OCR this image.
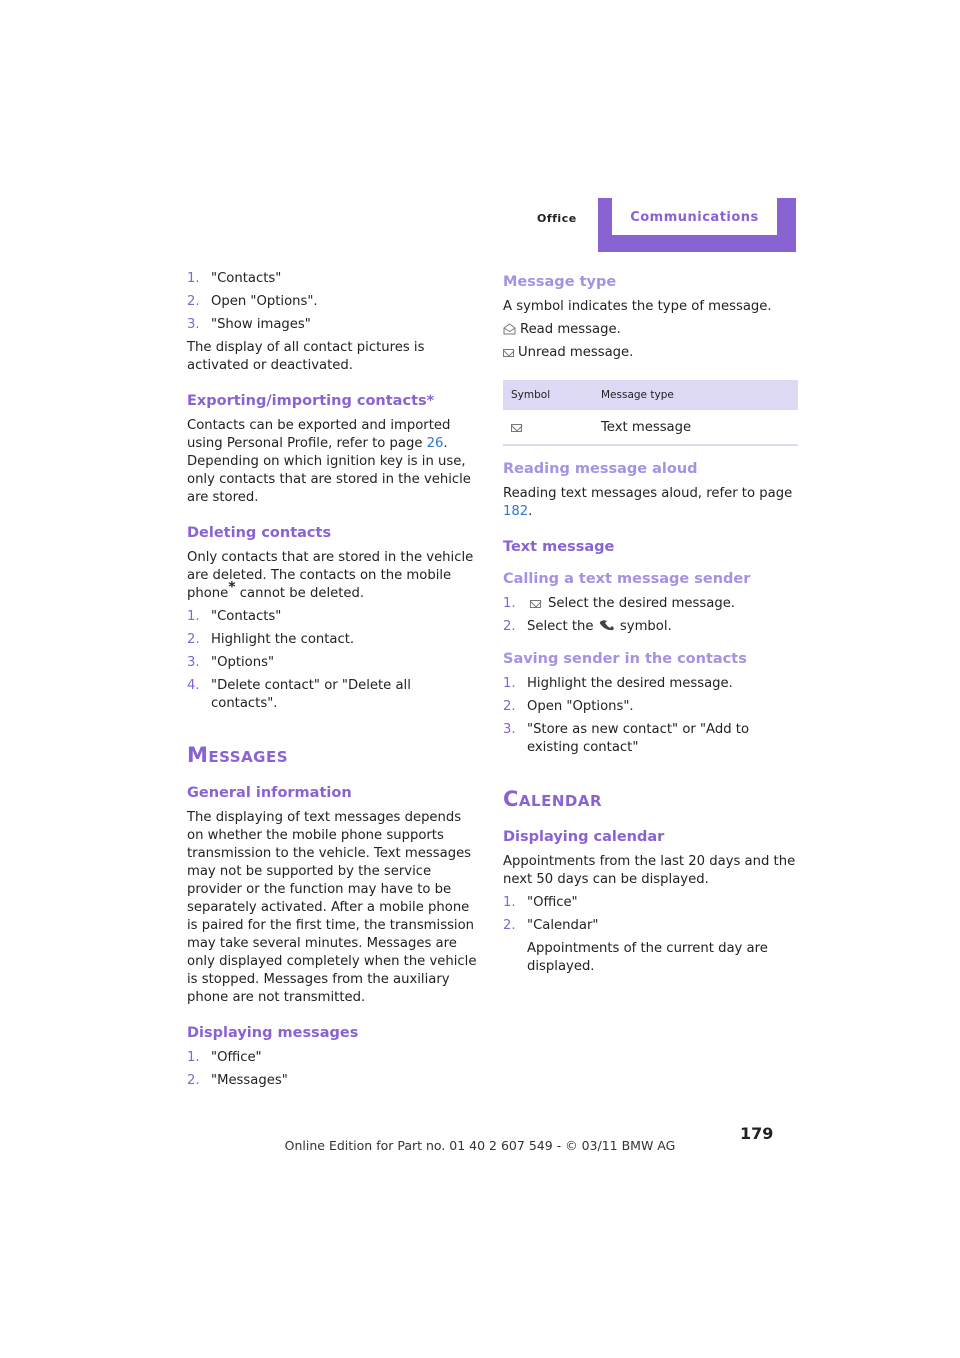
Office	Communications
1. "Contacts"
2. Open "Options".
3. "Show images"

The display of all contact pictures is activated or deactivated.

Exporting/importing contacts*

Contacts can be exported and imported using Personal Profile, refer to page 26. Depending on which ignition key is in use, only contacts that are stored in the vehicle are stored.

Deleting contacts

Only contacts that are stored in the vehicle are deleted. The contacts on the mobile phone* cannot be deleted.

1. "Contacts"
2. Highlight the contact.
3. "Options"
4. "Delete contact" or "Delete all contacts".
Messages
General information

The displaying of text messages depends on whether the mobile phone supports transmission to the vehicle. Text messages may not be supported by the service provider or the function may have to be separately activated. After a mobile phone is paired for the first time, the transmission may take several minutes. Messages are only displayed completely when the vehicle is stopped. Messages from the auxiliary phone are not transmitted.

Displaying messages
1. "Office"
2. "Messages"
Message type

A symbol indicates the type of message.

Read message.

Unread message.

Symbol	Message type
Text message
Reading message aloud

Reading text messages aloud, refer to page 182.

Text message
Calling a text message sender
1. Select the desired message.
2. Select the  symbol.
Saving sender in the contacts
1. Highlight the desired message.
2. Open "Options".
3. "Store as new contact" or "Add to existing contact"
Calendar
Displaying calendar

Appointments from the last 20 days and the next 50 days can be displayed.

1. "Office"
2. "Calendar"

Appointments of the current day are displayed.

179
Online Edition for Part no. 01 40 2 607 549 - © 03/11 BMW AG
